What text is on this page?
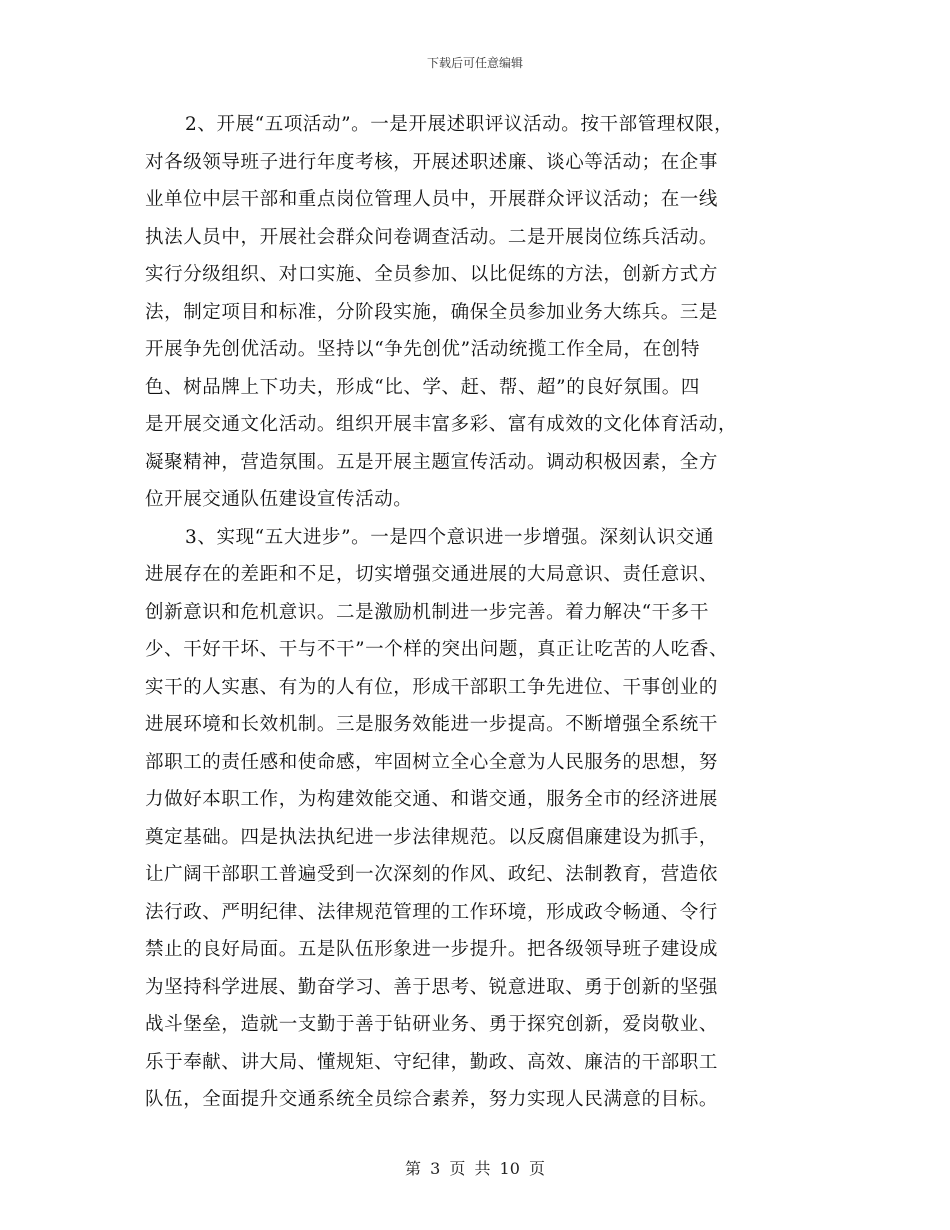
下载后可任意编辑
2、开展“五项活动”。一是开展述职评议活动。按干部管理权限，
对各级领导班子进行年度考核，开展述职述廉、谈心等活动；在企事
业单位中层干部和重点岗位管理人员中，开展群众评议活动；在一线
执法人员中，开展社会群众问卷调查活动。二是开展岗位练兵活动。
实行分级组织、对口实施、全员参加、以比促练的方法，创新方式方
法，制定项目和标准，分阶段实施，确保全员参加业务大练兵。三是
开展争先创优活动。坚持以“争先创优”活动统揽工作全局，在创特
色、树品牌上下功夫，形成“比、学、赶、帮、超”的良好氛围。四
是开展交通文化活动。组织开展丰富多彩、富有成效的文化体育活动，
凝聚精神，营造氛围。五是开展主题宣传活动。调动积极因素，全方
位开展交通队伍建设宣传活动。
3、实现“五大进步”。一是四个意识进一步增强。深刻认识交通
进展存在的差距和不足，切实增强交通进展的大局意识、责任意识、
创新意识和危机意识。二是激励机制进一步完善。着力解决“干多干
少、干好干坏、干与不干”一个样的突出问题，真正让吃苦的人吃香、
实干的人实惠、有为的人有位，形成干部职工争先进位、干事创业的
进展环境和长效机制。三是服务效能进一步提高。不断增强全系统干
部职工的责任感和使命感，牢固树立全心全意为人民服务的思想，努
力做好本职工作，为构建效能交通、和谐交通，服务全市的经济进展
奠定基础。四是执法执纪进一步法律规范。以反腐倡廉建设为抓手，
让广阔干部职工普遍受到一次深刻的作风、政纪、法制教育，营造依
法行政、严明纪律、法律规范管理的工作环境，形成政令畅通、令行
禁止的良好局面。五是队伍形象进一步提升。把各级领导班子建设成
为坚持科学进展、勤奋学习、善于思考、锐意进取、勇于创新的坚强
战斗堡垒，造就一支勤于善于钻研业务、勇于探究创新，爱岗敬业、
乐于奉献、讲大局、懂规矩、守纪律，勤政、高效、廉洁的干部职工
队伍，全面提升交通系统全员综合素养，努力实现人民满意的目标。
第 3 页 共 10 页
